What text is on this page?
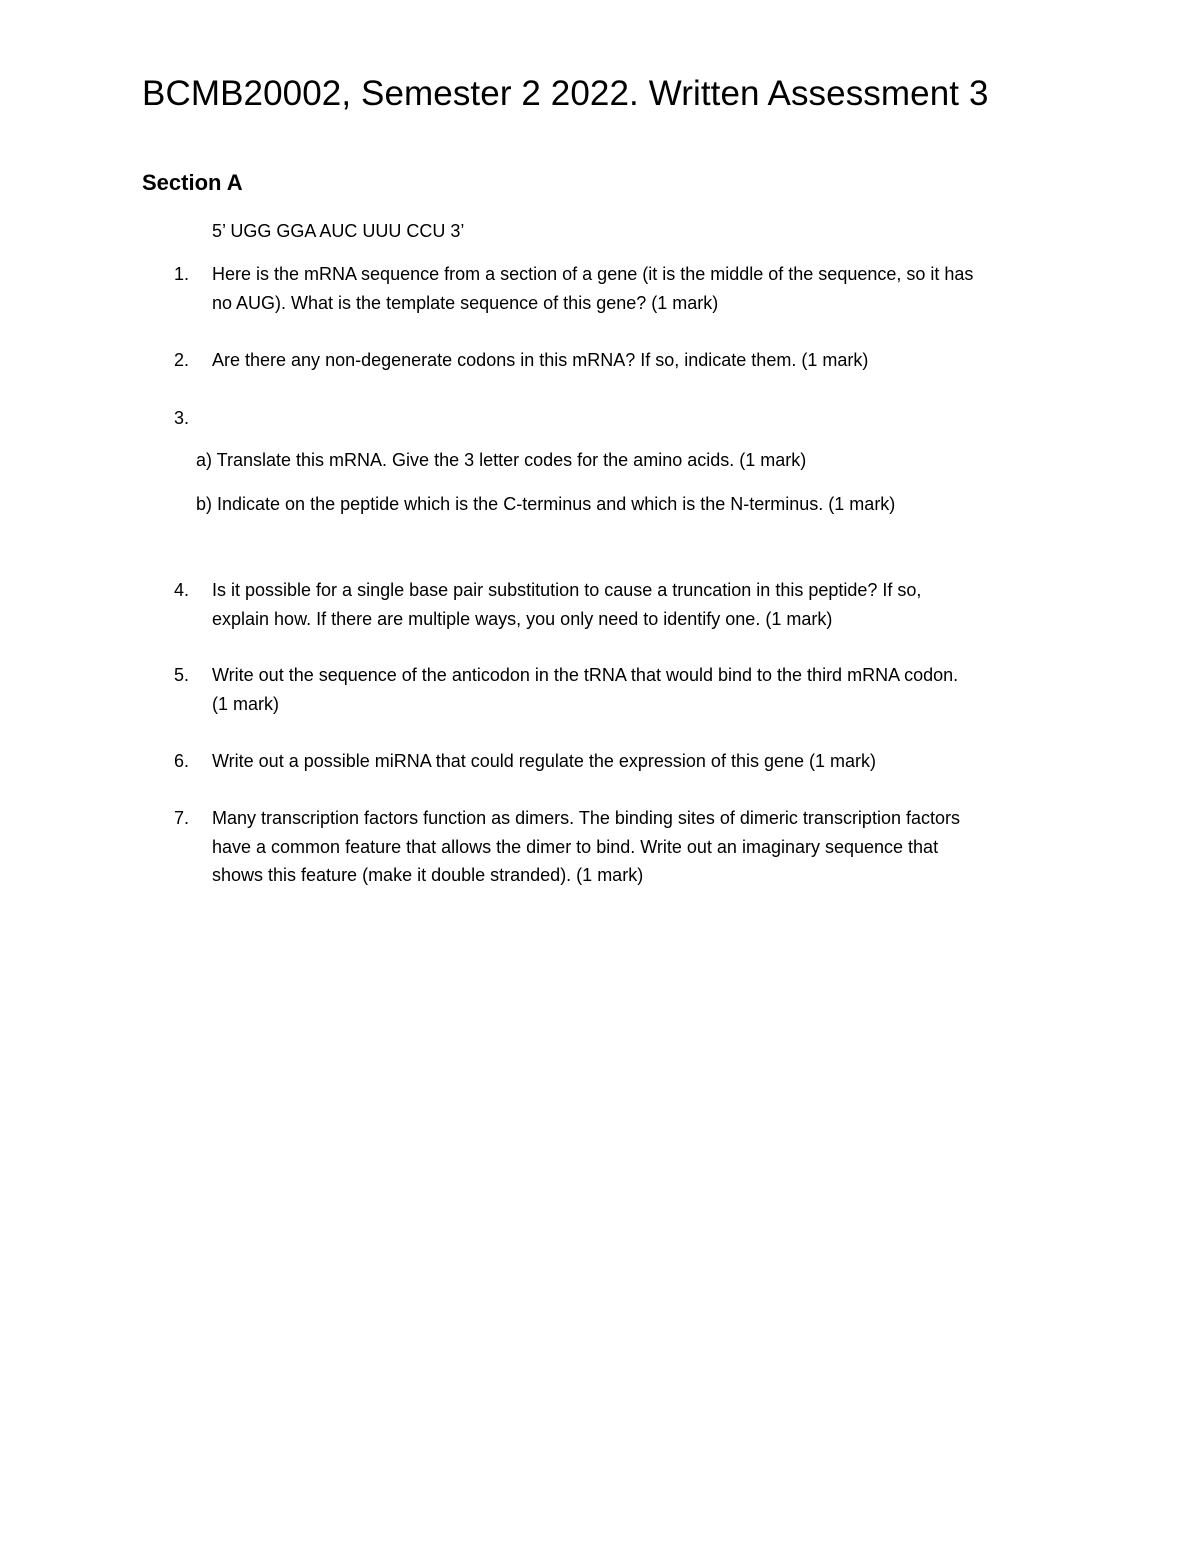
BCMB20002, Semester 2 2022. Written Assessment 3
Section A

5’ UGG GGA AUC UUU CCU 3’

1. Here is the mRNA sequence from a section of a gene (it is the middle of the sequence, so it has
no AUG). What is the template sequence of this gene? (1 mark)
2. Are there any non-degenerate codons in this mRNA? If so, indicate them. (1 mark)
3.
a) Translate this mRNA. Give the 3 letter codes for the amino acids. (1 mark)
b) Indicate on the peptide which is the C-terminus and which is the N-terminus. (1 mark)
4. Is it possible for a single base pair substitution to cause a truncation in this peptide? If so,
explain how. If there are multiple ways, you only need to identify one. (1 mark)
5. Write out the sequence of the anticodon in the tRNA that would bind to the third mRNA codon.
(1 mark)
6. Write out a possible miRNA that could regulate the expression of this gene (1 mark)
7. Many transcription factors function as dimers. The binding sites of dimeric transcription factors
have a common feature that allows the dimer to bind. Write out an imaginary sequence that
shows this feature (make it double stranded). (1 mark)
